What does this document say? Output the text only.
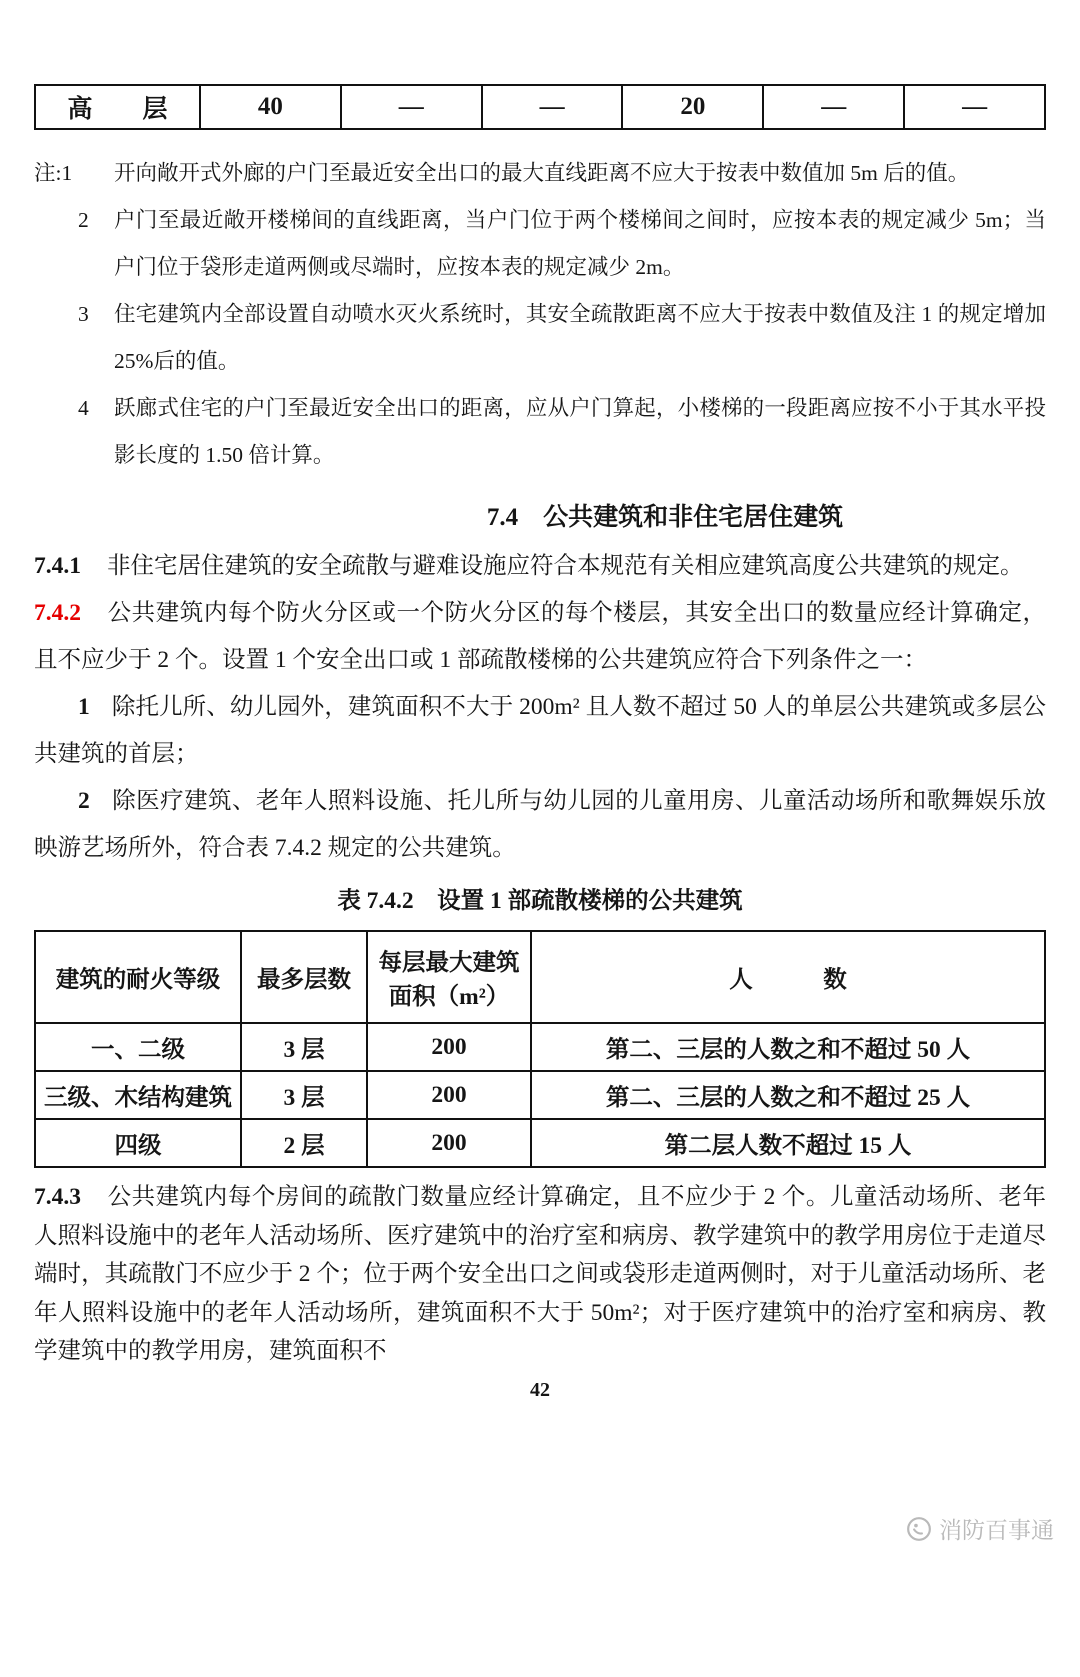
高　　层	40	—	—	20	—	—
注:1	开向敞开式外廊的户门至最近安全出口的最大直线距离不应大于按表中数值加 5m 后的值。
2	户门至最近敞开楼梯间的直线距离，当户门位于两个楼梯间之间时，应按本表的规定减少 5m；当户门位于袋形走道两侧或尽端时，应按本表的规定减少 2m。
3	住宅建筑内全部设置自动喷水灭火系统时，其安全疏散距离不应大于按表中数值及注 1 的规定增加 25%后的值。
4	跃廊式住宅的户门至最近安全出口的距离，应从户门算起，小楼梯的一段距离应按不小于其水平投影长度的 1.50 倍计算。
7.4　公共建筑和非住宅居住建筑

7.4.1 非住宅居住建筑的安全疏散与避难设施应符合本规范有关相应建筑高度公共建筑的规定。

7.4.2 公共建筑内每个防火分区或一个防火分区的每个楼层，其安全出口的数量应经计算确定，且不应少于 2 个。设置 1 个安全出口或 1 部疏散楼梯的公共建筑应符合下列条件之一：

1 除托儿所、幼儿园外，建筑面积不大于 200m² 且人数不超过 50 人的单层公共建筑或多层公共建筑的首层；

2 除医疗建筑、老年人照料设施、托儿所与幼儿园的儿童用房、儿童活动场所和歌舞娱乐放映游艺场所外，符合表 7.4.2 规定的公共建筑。

表 7.4.2　设置 1 部疏散楼梯的公共建筑
建筑的耐火等级	最多层数	每层最大建筑面积（m²）	人　　　数
一、二级	3 层	200	第二、三层的人数之和不超过 50 人
三级、木结构建筑	3 层	200	第二、三层的人数之和不超过 25 人
四级	2 层	200	第二层人数不超过 15 人

7.4.3 公共建筑内每个房间的疏散门数量应经计算确定，且不应少于 2 个。儿童活动场所、老年人照料设施中的老年人活动场所、医疗建筑中的治疗室和病房、教学建筑中的教学用房位于走道尽端时，其疏散门不应少于 2 个；位于两个安全出口之间或袋形走道两侧时，对于儿童活动场所、老年人照料设施中的老年人活动场所，建筑面积不大于 50m²；对于医疗建筑中的治疗室和病房、教学建筑中的教学用房，建筑面积不

42
消防百事通
